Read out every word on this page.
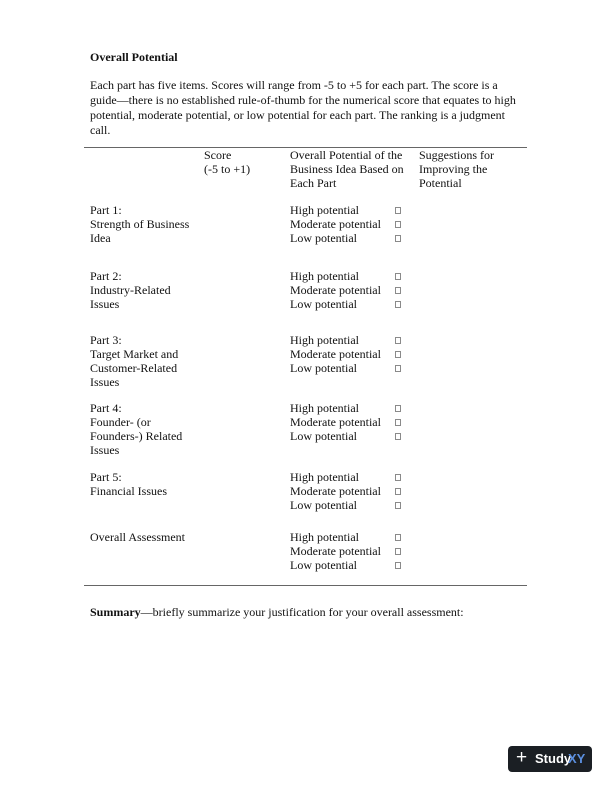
Overall Potential
Each part has five items. Scores will range from -5 to +5 for each part. The score is a guide—there is no established rule-of-thumb for the numerical score that equates to high potential, moderate potential, or low potential for each part. The ranking is a judgment call.
Score
(-5 to +1)
Overall Potential of the Business Idea Based on Each Part
Suggestions for Improving the Potential
Part 1:
Strength of Business Idea
High potential
Moderate potential
Low potential
Part 2:
Industry-Related Issues
High potential
Moderate potential
Low potential
Part 3:
Target Market and Customer-Related Issues
High potential
Moderate potential
Low potential
Part 4:
Founder- (or Founders-) Related Issues
High potential
Moderate potential
Low potential
Part 5:
Financial Issues
High potential
Moderate potential
Low potential
Overall Assessment	High potential
Moderate potential
Low potential
Summary—briefly summarize your justification for your overall assessment:
+ Study
XY
